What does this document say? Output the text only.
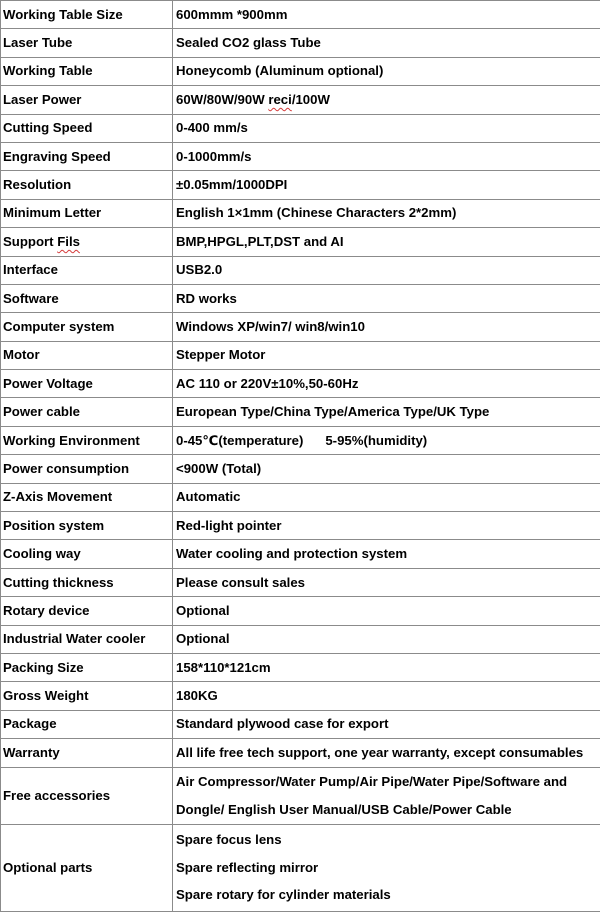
Working Table Size	600mmm *900mm
Laser Tube	Sealed CO2 glass Tube
Working Table	Honeycomb (Aluminum optional)
Laser Power	60W/80W/90W reci/100W
Cutting Speed	0-400 mm/s
Engraving Speed	0-1000mm/s
Resolution	±0.05mm/1000DPI
Minimum Letter	English 1×1mm (Chinese Characters 2*2mm)
Support Fils	BMP,HPGL,PLT,DST and AI
Interface	USB2.0
Software	RD works
Computer system	Windows XP/win7/ win8/win10
Motor	Stepper Motor
Power Voltage	AC 110 or 220V±10%,50-60Hz
Power cable	European Type/China Type/America Type/UK Type
Working Environment	0-45℃(temperature)      5-95%(humidity)
Power consumption	<900W (Total)
Z-Axis Movement	Automatic
Position system	Red-light pointer
Cooling way	Water cooling and protection system
Cutting thickness	Please consult sales
Rotary device	Optional
Industrial Water cooler	Optional
Packing Size	158*110*121cm
Gross Weight	180KG
Package	Standard plywood case for export
Warranty	All life free tech support, one year warranty, except consumables
Free accessories	Air Compressor/Water Pump/Air Pipe/Water Pipe/Software and
Dongle/ English User Manual/USB Cable/Power Cable

Optional parts	Spare focus lens
Spare reflecting mirror
Spare rotary for cylinder materials
